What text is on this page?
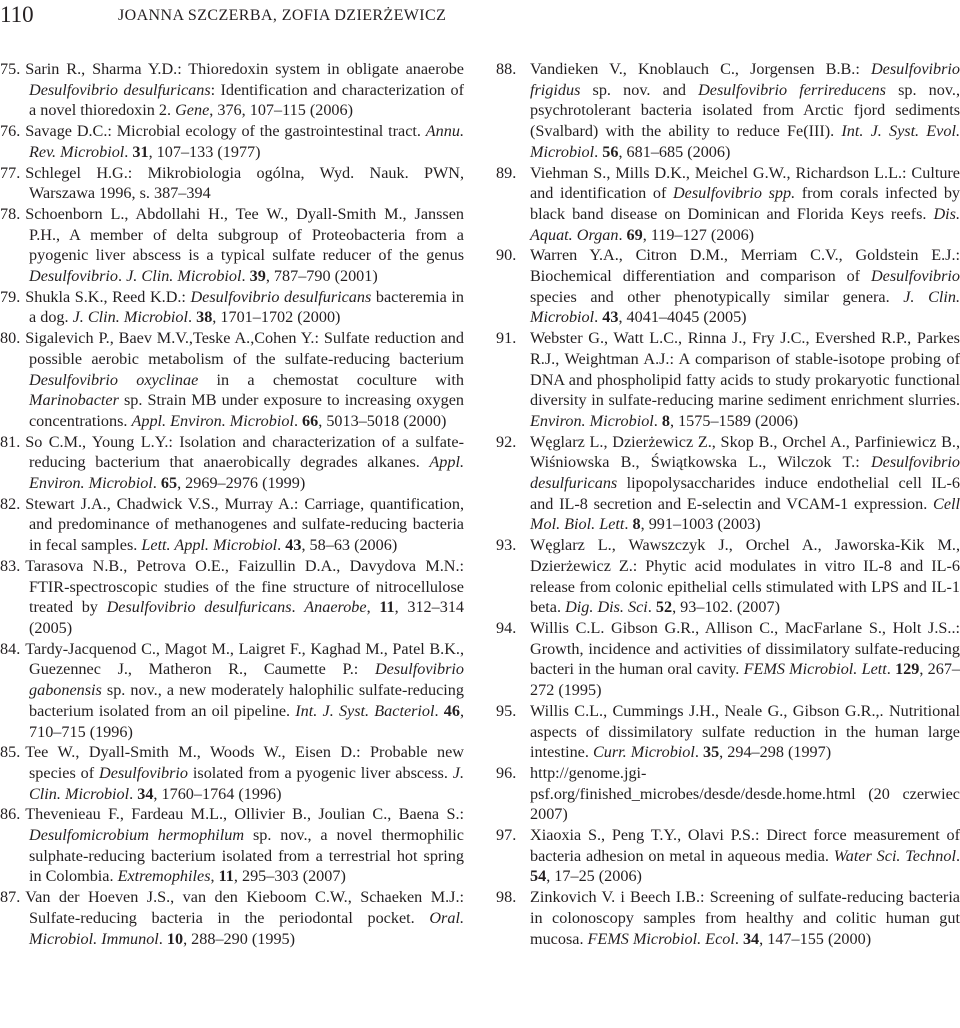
110	JOANNA SZCZERBA, ZOFIA DZIERŻEWICZ
75. Sarin R., Sharma Y.D.: Thioredoxin system in obligate anaerobe Desulfovibrio desulfuricans: Identification and characterization of a novel thioredoxin 2. Gene, 376, 107–115 (2006)
76. Savage D.C.: Microbial ecology of the gastrointestinal tract. Annu. Rev. Microbiol. 31, 107–133 (1977)
77. Schlegel H.G.: Mikrobiologia ogólna, Wyd. Nauk. PWN, Warszawa 1996, s. 387–394
78. Schoenborn L., Abdollahi H., Tee W., Dyall-Smith M., Janssen P.H., A member of delta subgroup of Proteobacteria from a pyogenic liver abscess is a typical sulfate reducer of the genus Desulfovibrio. J. Clin. Microbiol. 39, 787–790 (2001)
79. Shukla S.K., Reed K.D.: Desulfovibrio desulfuricans bacteremia in a dog. J. Clin. Microbiol. 38, 1701–1702 (2000)
80. Sigalevich P., Baev M.V.,Teske A.,Cohen Y.: Sulfate reduction and possible aerobic metabolism of the sulfate-reducing bacterium Desulfovibrio oxyclinae in a chemostat coculture with Marinobacter sp. Strain MB under exposure to increasing oxygen concentrations. Appl. Environ. Microbiol. 66, 5013–5018 (2000)
81. So C.M., Young L.Y.: Isolation and characterization of a sulfate-reducing bacterium that anaerobically degrades alkanes. Appl. Environ. Microbiol. 65, 2969–2976 (1999)
82. Stewart J.A., Chadwick V.S., Murray A.: Carriage, quantification, and predominance of methanogenes and sulfate-reducing bacteria in fecal samples. Lett. Appl. Microbiol. 43, 58–63 (2006)
83. Tarasova N.B., Petrova O.E., Faizullin D.A., Davydova M.N.: FTIR-spectroscopic studies of the fine structure of nitrocellulose treated by Desulfovibrio desulfuricans. Anaerobe, 11, 312–314 (2005)
84. Tardy-Jacquenod C., Magot M., Laigret F., Kaghad M., Patel B.K., Guezennec J., Matheron R., Caumette P.: Desulfovibrio gabonensis sp. nov., a new moderately halophilic sulfate-reducing bacterium isolated from an oil pipeline. Int. J. Syst. Bacteriol. 46, 710–715 (1996)
85. Tee W., Dyall-Smith M., Woods W., Eisen D.: Probable new species of Desulfovibrio isolated from a pyogenic liver abscess. J. Clin. Microbiol. 34, 1760–1764 (1996)
86. Thevenieau F., Fardeau M.L., Ollivier B., Joulian C., Baena S.: Desulfomicrobium hermophilum sp. nov., a novel thermophilic sulphate-reducing bacterium isolated from a terrestrial hot spring in Colombia. Extremophiles, 11, 295–303 (2007)
87. Van der Hoeven J.S., van den Kieboom C.W., Schaeken M.J.: Sulfate-reducing bacteria in the periodontal pocket. Oral. Microbiol. Immunol. 10, 288–290 (1995)
88. Vandieken V., Knoblauch C., Jorgensen B.B.: Desulfovibrio frigidus sp. nov. and Desulfovibrio ferrireducens sp. nov., psychrotolerant bacteria isolated from Arctic fjord sediments (Svalbard) with the ability to reduce Fe(III). Int. J. Syst. Evol. Microbiol. 56, 681–685 (2006)
89. Viehman S., Mills D.K., Meichel G.W., Richardson L.L.: Culture and identification of Desulfovibrio spp. from corals infected by black band disease on Dominican and Florida Keys reefs. Dis. Aquat. Organ. 69, 119–127 (2006)
90. Warren Y.A., Citron D.M., Merriam C.V., Goldstein E.J.: Biochemical differentiation and comparison of Desulfovibrio species and other phenotypically similar genera. J. Clin. Microbiol. 43, 4041–4045 (2005)
91. Webster G., Watt L.C., Rinna J., Fry J.C., Evershed R.P., Parkes R.J., Weightman A.J.: A comparison of stable-isotope probing of DNA and phospholipid fatty acids to study prokaryotic functional diversity in sulfate-reducing marine sediment enrichment slurries. Environ. Microbiol. 8, 1575–1589 (2006)
92. Węglarz L., Dzierżewicz Z., Skop B., Orchel A., Parfiniewicz B., Wiśniowska B., Świątkowska L., Wilczok T.: Desulfovibrio desulfuricans lipopolysaccharides induce endothelial cell IL-6 and IL-8 secretion and E-selectin and VCAM-1 expression. Cell Mol. Biol. Lett. 8, 991–1003 (2003)
93. Węglarz L., Wawszczyk J., Orchel A., Jaworska-Kik M., Dzierżewicz Z.: Phytic acid modulates in vitro IL-8 and IL-6 release from colonic epithelial cells stimulated with LPS and IL-1 beta. Dig. Dis. Sci. 52, 93–102. (2007)
94. Willis C.L. Gibson G.R., Allison C., MacFarlane S., Holt J.S..: Growth, incidence and activities of dissimilatory sulfate-reducing bacteri in the human oral cavity. FEMS Microbiol. Lett. 129, 267–272 (1995)
95. Willis C.L., Cummings J.H., Neale G., Gibson G.R.,. Nutritional aspects of dissimilatory sulfate reduction in the human large intestine. Curr. Microbiol. 35, 294–298 (1997)
96. http://genome.jgi-psf.org/finished_microbes/desde/desde.home.html (20 czerwiec 2007)
97. Xiaoxia S., Peng T.Y., Olavi P.S.: Direct force measurement of bacteria adhesion on metal in aqueous media. Water Sci. Technol. 54, 17–25 (2006)
98. Zinkovich V. i Beech I.B.: Screening of sulfate-reducing bacteria in colonoscopy samples from healthy and colitic human gut mucosa. FEMS Microbiol. Ecol. 34, 147–155 (2000)
